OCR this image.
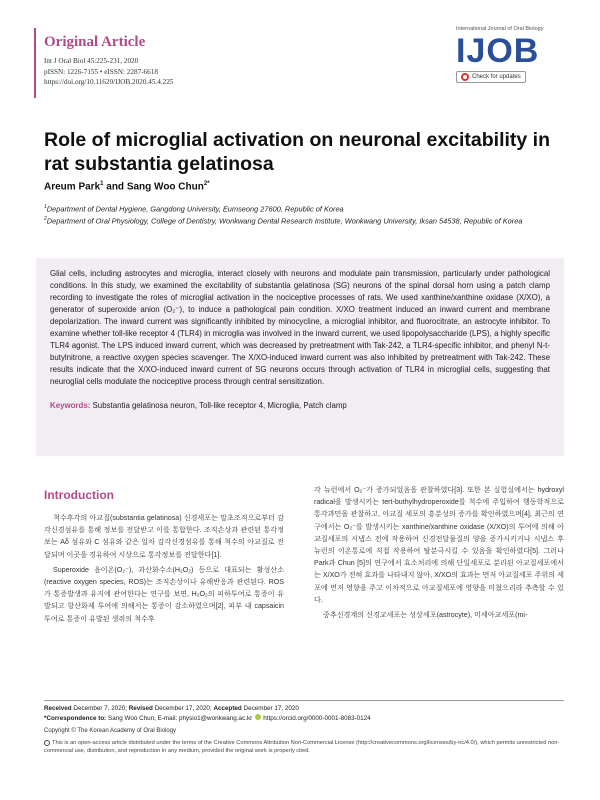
Original Article
Int J Oral Biol 45:225-231, 2020
pISSN: 1226-7155 • eISSN: 2287-6618
https://doi.org/10.11620/IJOB.2020.45.4.225
International Journal of Oral Biology
IJOB
Check for updates
Role of microglial activation on neuronal excitability in rat substantia gelatinosa
Areum Park$^1$ and Sang Woo Chun$^{2*}$
$^1$Department of Dental Hygiene, Gangdong University, Eumseong 27600, Republic of Korea
$^2$Department of Oral Physiology, College of Dentistry, Wonkwang Dental Research Institute, Wonkwang University, Iksan 54538, Republic of Korea

Glial cells, including astrocytes and microglia, interact closely with neurons and modulate pain transmission, particularly under pathological conditions. In this study, we examined the excitability of substantia gelatinosa (SG) neurons of the spinal dorsal horn using a patch clamp recording to investigate the roles of microglial activation in the nociceptive processes of rats. We used xanthine/xanthine oxidase (X/XO), a generator of superoxide anion (O₂⁻), to induce a pathological pain condition. X/XO treatment induced an inward current and membrane depolarization. The inward current was significantly inhibited by minocycline, a microglial inhibitor, and fluorocitrate, an astrocyte inhibitor. To examine whether toll-like receptor 4 (TLR4) in microglia was involved in the inward current, we used lipopolysaccharide (LPS), a highly specific TLR4 agonist. The LPS induced inward current, which was decreased by pretreatment with Tak-242, a TLR4-specific inhibitor, and phenyl N-t-butylnitrone, a reactive oxygen species scavenger. The X/XO-induced inward current was also inhibited by pretreatment with Tak-242. These results indicate that the X/XO-induced inward current of SG neurons occurs through activation of TLR4 in microglial cells, suggesting that neuroglial cells modulate the nociceptive process through central sensitization.

Keywords: Substantia gelatinosa neuron, Toll-like receptor 4, Microglia, Patch clamp
Introduction

척수후각의 아교질(substantia gelatinosa) 신경세포는 말초조직으로부터 감각신경섬유를 통해 정보를 전달받고 이를 통합한다. 조직손상과 관련된 통각정보는 Aδ 섬유와 C 섬유와 같은 일차 감각신경섬유를 통해 척수의 아교질로 전달되며 이곳을 경유하여 시상으로 통각정보를 전달한다[1].

Superoxide 음이온(O₂⁻), 과산화수소(H₂O₂) 등으로 대표되는 활성산소(reactive oxygen species, ROS)는 조직손상이나 유해반응과 관련된다. ROS가 통증발생과 유지에 관여한다는 연구를 보면, H₂O₂의 피하투여로 통증이 유발되고 항산화제 투여에 의해서는 통증이 감소하였으며[2], 피부 내 capsaicin 투여로 통증이 유발된 생쥐의 척수후

각 뉴런에서 O₂⁻가 증가되었음을 관찰하였다[3]. 또한 본 실험실에서는 hydroxyl radical을 발생시키는 tert-buthylhydroperoxide를 척수에 주입하여 행동학적으로 통각과민을 관찰하고, 아교질 세포의 흥분성의 증가를 확인하였으며[4], 최근의 연구에서는 O₂⁻를 발생시키는 xanthine/xanthine oxidase (X/XO)의 투여에 의해 아교질세포의 시냅스 전에 작용하여 신경전달물질의 양을 증가시키거나 시냅스 후 뉴런의 이온통로에 직접 작용하여 탈분극시킬 수 있음을 확인하였다[5]. 그러나 Park과 Chun [5]의 연구에서 효소처리에 의해 단일세포로 분리된 아교질세포에서는 X/XO가 전혀 효과를 나타내지 않아, X/XO의 효과는 먼저 아교질세포 주위의 세포에 먼저 영향을 주고 이차적으로 아교질세포에 영향을 미쳤으리라 추측할 수 있다.

중추신경계의 신경교세포는 성상세포(astrocyte), 미세아교세포(mi-

Received December 7, 2020; Revised December 17, 2020; Accepted December 17, 2020
*Correspondence to: Sang Woo Chun, E-mail: physio1@wonkwang.ac.kr https://orcid.org/0000-0001-8083-0124
Copyright © The Korean Academy of Oral Biology
This is an open-access article distributed under the terms of the Creative Commons Attribution Non-Commercial License (http://creativecommons.org/licenses/by-nc/4.0/), which permits unrestricted non-commercial use, distribution, and reproduction in any medium, provided the original work is properly cited.
